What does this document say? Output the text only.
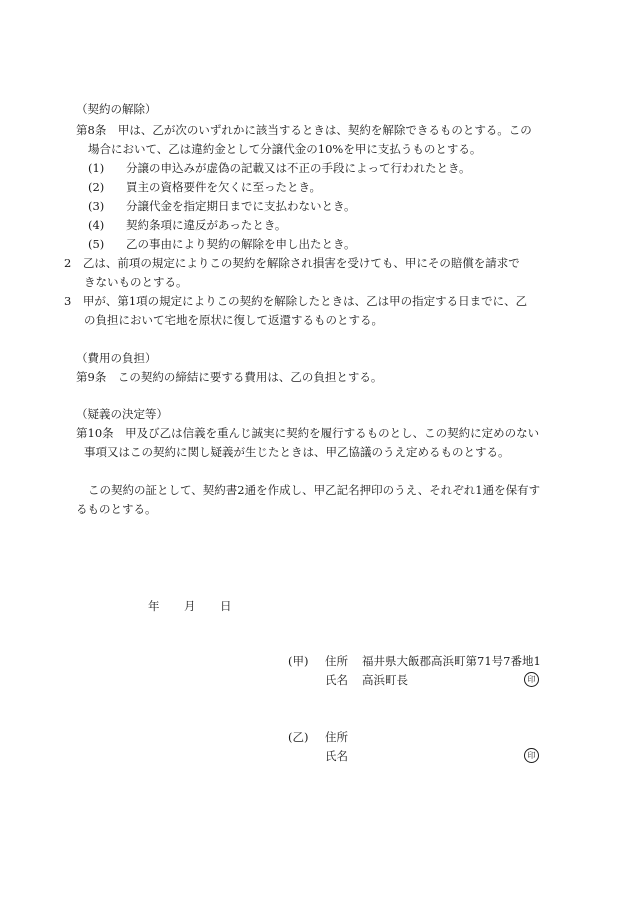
（契約の解除）
第8条　甲は、乙が次のいずれかに該当するときは、契約を解除できるものとする。この
場合において、乙は違約金として分譲代金の10%を甲に支払うものとする。
(1) 分譲の申込みが虚偽の記載又は不正の手段によって行われたとき。
(2) 買主の資格要件を欠くに至ったとき。
(3) 分譲代金を指定期日までに支払わないとき。
(4) 契約条項に違反があったとき。
(5) 乙の事由により契約の解除を申し出たとき。
2　乙は、前項の規定によりこの契約を解除され損害を受けても、甲にその賠償を請求で
きないものとする。
3　甲が、第1項の規定によりこの契約を解除したときは、乙は甲の指定する日までに、乙
の負担において宅地を原状に復して返還するものとする。
（費用の負担）
第9条　この契約の締結に要する費用は、乙の負担とする。
（疑義の決定等）
第10条　甲及び乙は信義を重んじ誠実に契約を履行するものとし、この契約に定めのない
事項又はこの契約に関し疑義が生じたときは、甲乙協議のうえ定めるものとする。
この契約の証として、契約書2通を作成し、甲乙記名押印のうえ、それぞれ1通を保有す
るものとする。
年 月 日
(甲) 住所 福井県大飯郡高浜町第71号7番地1
氏名 高浜町長	印
(乙) 住所
氏名	印
